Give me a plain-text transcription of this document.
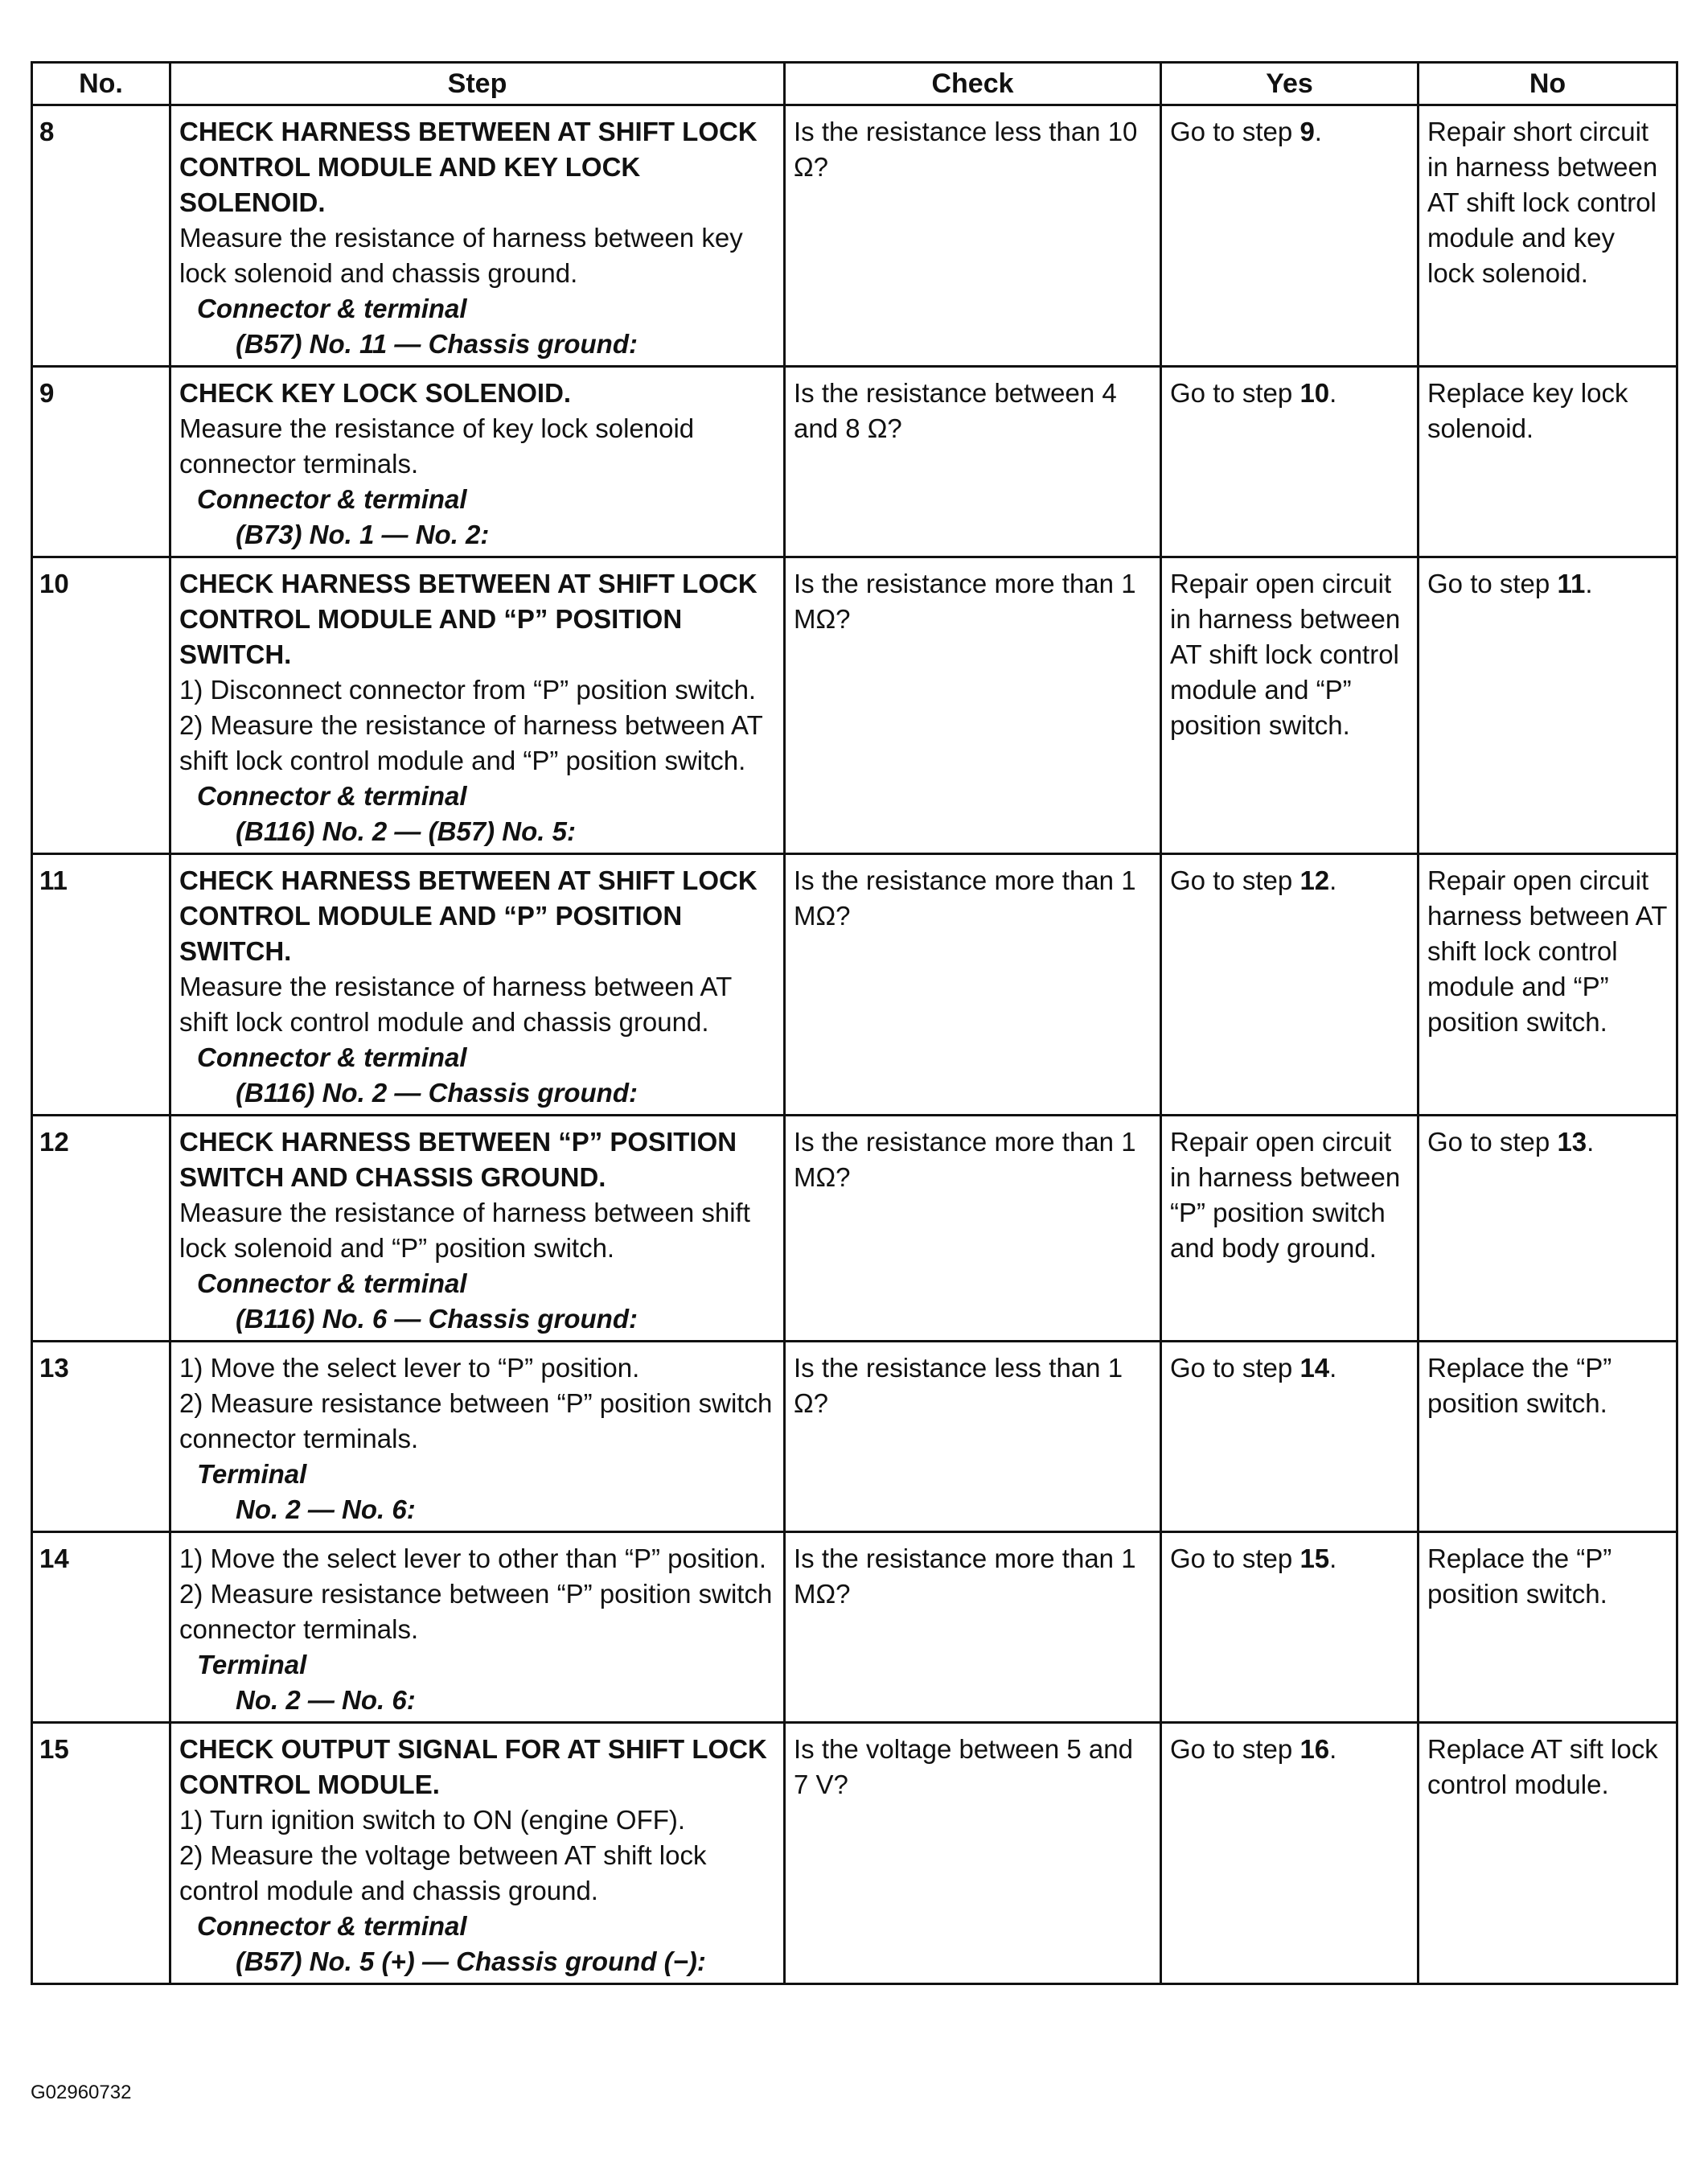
No.	Step	Check	Yes	No
8	CHECK HARNESS BETWEEN AT SHIFT LOCK CONTROL MODULE AND KEY LOCK SOLENOID.
Measure the resistance of harness between key lock solenoid and chassis ground.
Connector & terminal
(B57) No. 11 — Chassis ground:	Is the resistance less than 10 Ω?	Go to step 9.	Repair short circuit in harness between AT shift lock control module and key lock solenoid.
9	CHECK KEY LOCK SOLENOID.
Measure the resistance of key lock solenoid connector terminals.
Connector & terminal
(B73) No. 1 — No. 2:	Is the resistance between 4 and 8 Ω?	Go to step 10.	Replace key lock solenoid.
10	CHECK HARNESS BETWEEN AT SHIFT LOCK CONTROL MODULE AND “P” POSITION SWITCH.
1) Disconnect connector from “P” position switch.
2) Measure the resistance of harness between AT shift lock control module and “P” position switch.
Connector & terminal
(B116) No. 2 — (B57) No. 5:	Is the resistance more than 1 MΩ?	Repair open circuit in harness between AT shift lock control module and “P” position switch.	Go to step 11.
11	CHECK HARNESS BETWEEN AT SHIFT LOCK CONTROL MODULE AND “P” POSITION SWITCH.
Measure the resistance of harness between AT shift lock control module and chassis ground.
Connector & terminal
(B116) No. 2 — Chassis ground:	Is the resistance more than 1 MΩ?	Go to step 12.	Repair open circuit harness between AT shift lock control module and “P” position switch.
12	CHECK HARNESS BETWEEN “P” POSITION SWITCH AND CHASSIS GROUND.
Measure the resistance of harness between shift lock solenoid and “P” position switch.
Connector & terminal
(B116) No. 6 — Chassis ground:	Is the resistance more than 1 MΩ?	Repair open circuit in harness between “P” position switch and body ground.	Go to step 13.
13	1) Move the select lever to “P” position.
2) Measure resistance between “P” position switch connector terminals.
Terminal
No. 2 — No. 6:	Is the resistance less than 1 Ω?	Go to step 14.	Replace the “P” position switch.
14	1) Move the select lever to other than “P” position.
2) Measure resistance between “P” position switch connector terminals.
Terminal
No. 2 — No. 6:	Is the resistance more than 1 MΩ?	Go to step 15.	Replace the “P” position switch.
15	CHECK OUTPUT SIGNAL FOR AT SHIFT LOCK CONTROL MODULE.
1) Turn ignition switch to ON (engine OFF).
2) Measure the voltage between AT shift lock control module and chassis ground.
Connector & terminal
(B57) No. 5 (+) — Chassis ground (−):	Is the voltage between 5 and 7 V?	Go to step 16.	Replace AT sift lock control module.
G02960732
